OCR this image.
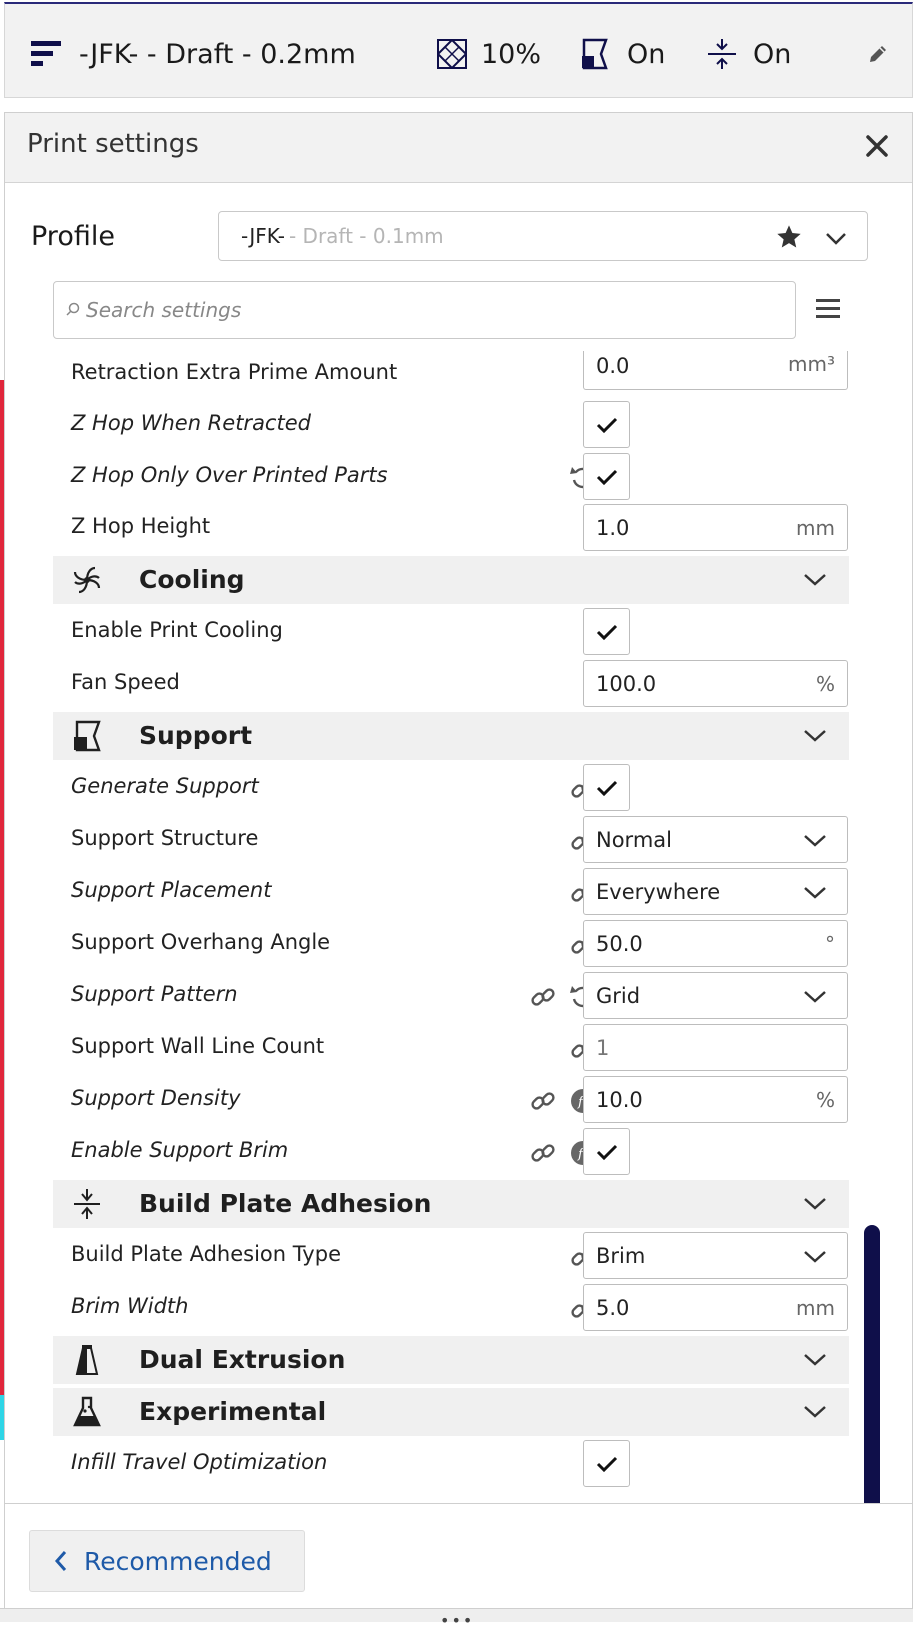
-JFK- - Draft - 0.2mm	10%	On	On
Print settings
Profile	-JFK- - Draft - 0.1mm
Search settings
Retraction Extra Prime Amount	0.0	mm³
Z Hop When Retracted
Z Hop Only Over Printed Parts
Z Hop Height	1.0	mm
Cooling
Enable Print Cooling
Fan Speed	100.0	%
Support
Generate Support
Support Structure	Normal
Support Placement	Everywhere
Support Overhang Angle	50.0	°
Support Pattern	Grid
Support Wall Line Count	1
Support Density	f 10.0	%
Enable Support Brim	f
Build Plate Adhesion
Build Plate Adhesion Type	Brim
Brim Width	5.0	mm
Dual Extrusion
Experimental
Infill Travel Optimization
Recommended
•••
